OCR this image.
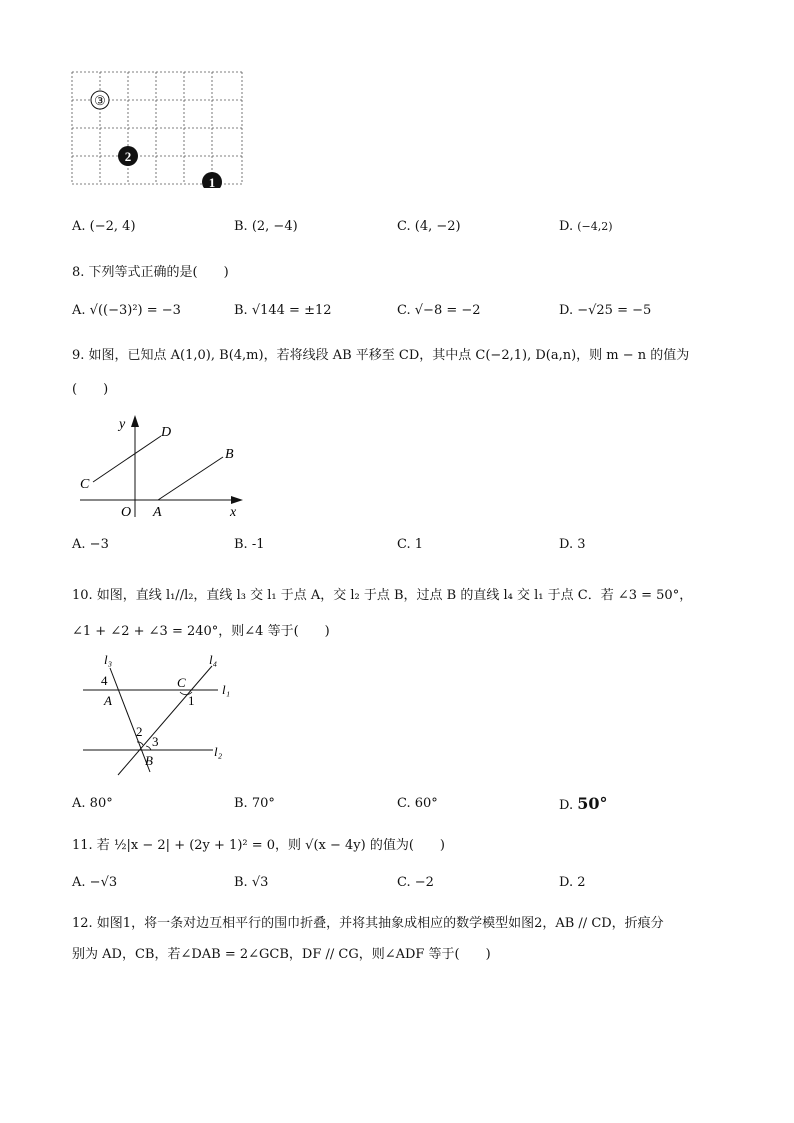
③
2
1
A. (−2, 4)	B. (2, −4)	C. (4, −2)	D. (−4,2)
8. 下列等式正确的是(　　)
A. √((−3)²) = −3	B. √144 = ±12	C. √−8 = −2	D. −√25 = −5
9. 如图，已知点 A(1,0), B(4,m)，若将线段 AB 平移至 CD，其中点 C(−2,1), D(a,n)，则 m − n 的值为
(　　)
y
x
O A
B
C
D
A. −3	B. -1	C. 1	D. 3
10. 如图，直线 l₁//l₂，直线 l₃ 交 l₁ 于点 A，交 l₂ 于点 B，过点 B 的直线 l₄ 交 l₁ 于点 C．若 ∠3 = 50°，
∠1 + ∠2 + ∠3 = 240°，则∠4 等于(　　)
l₃	l₄
l₁
l₂
4
A
C
1
2
3
B
A. 80°	B. 70°	C. 60°	D. 50°
11. 若 ½|x − 2| + (2y + 1)² = 0，则 √(x − 4y) 的值为(　　)
A. −√3	B. √3	C. −2	D. 2
12. 如图1，将一条对边互相平行的围巾折叠，并将其抽象成相应的数学模型如图2，AB // CD，折痕分
别为 AD，CB，若∠DAB = 2∠GCB，DF // CG，则∠ADF 等于(　　)
